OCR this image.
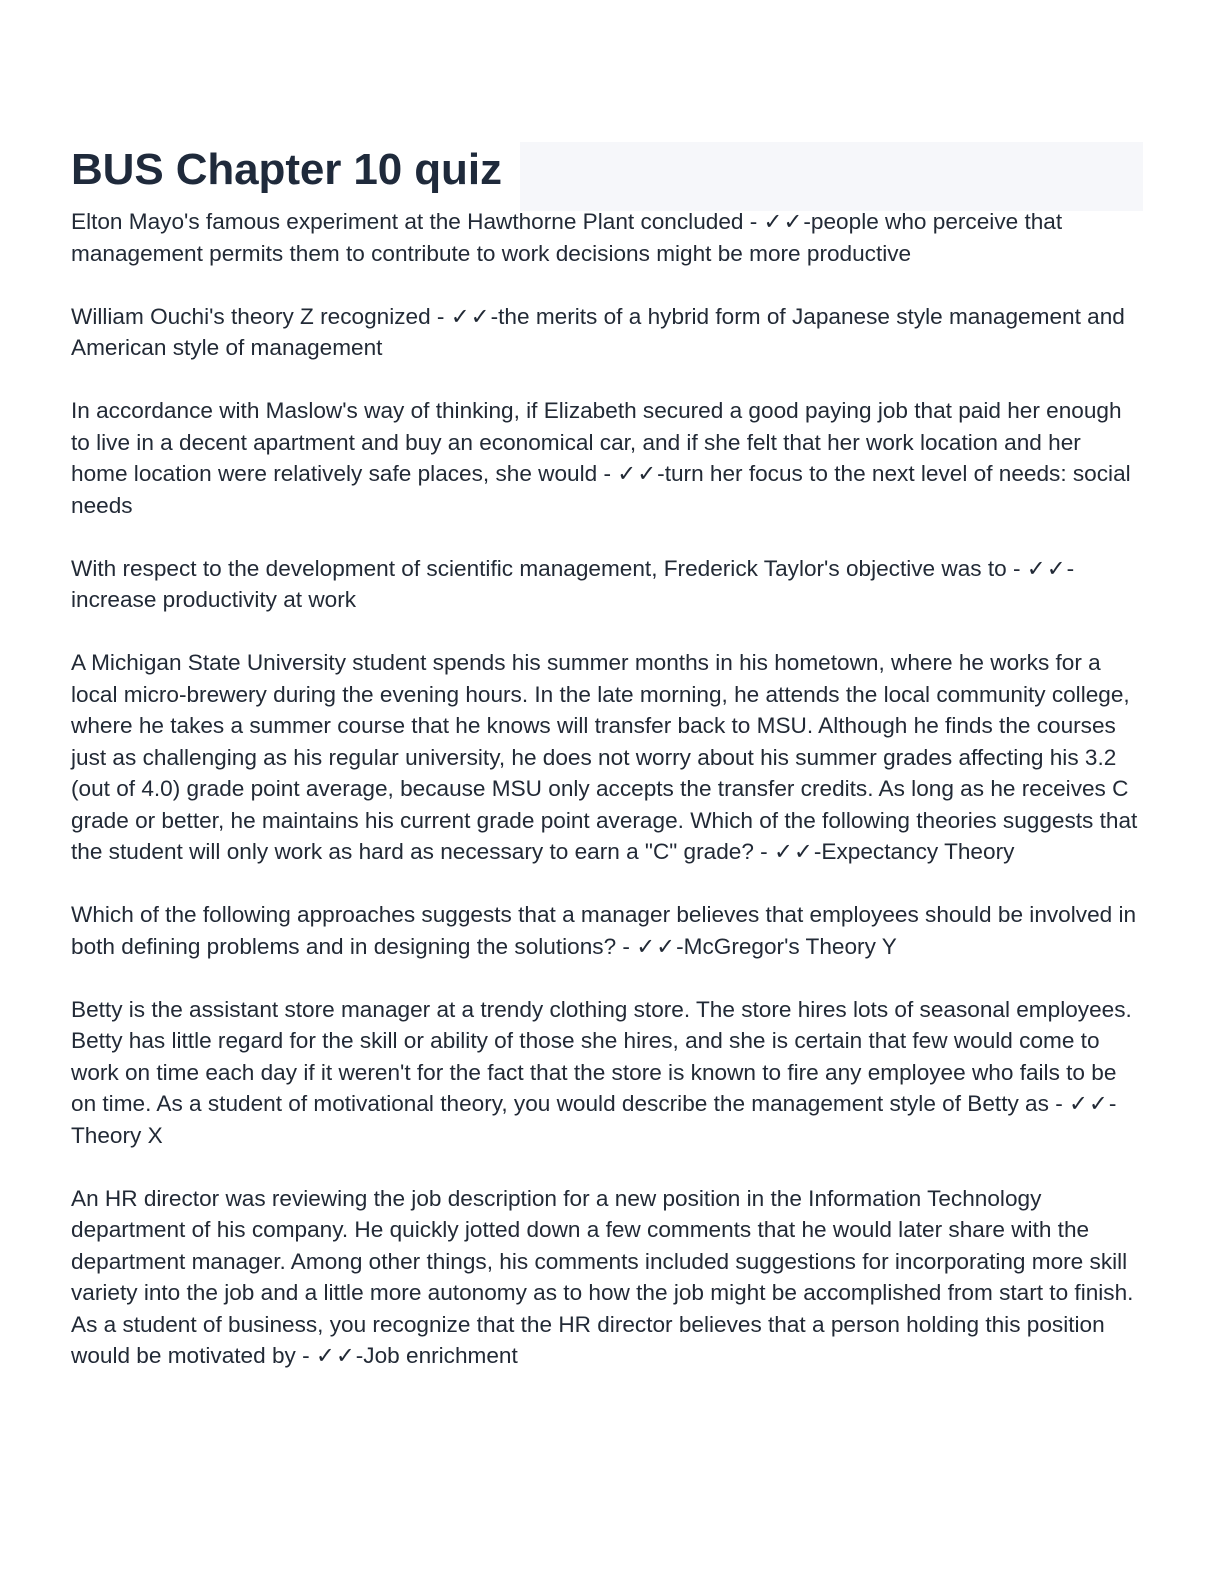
BUS Chapter 10 quiz

Elton Mayo's famous experiment at the Hawthorne Plant concluded - ✓✓-people who perceive that management permits them to contribute to work decisions might be more productive

William Ouchi's theory Z recognized - ✓✓-the merits of a hybrid form of Japanese style management and American style of management

In accordance with Maslow's way of thinking, if Elizabeth secured a good paying job that paid her enough to live in a decent apartment and buy an economical car, and if she felt that her work location and her home location were relatively safe places, she would - ✓✓-turn her focus to the next level of needs: social needs

With respect to the development of scientific management, Frederick Taylor's objective was to - ✓✓-increase productivity at work

A Michigan State University student spends his summer months in his hometown, where he works for a local micro-brewery during the evening hours. In the late morning, he attends the local community college, where he takes a summer course that he knows will transfer back to MSU. Although he finds the courses just as challenging as his regular university, he does not worry about his summer grades affecting his 3.2 (out of 4.0) grade point average, because MSU only accepts the transfer credits. As long as he receives C grade or better, he maintains his current grade point average. Which of the following theories suggests that the student will only work as hard as necessary to earn a "C" grade? - ✓✓-Expectancy Theory

Which of the following approaches suggests that a manager believes that employees should be involved in both defining problems and in designing the solutions? - ✓✓-McGregor's Theory Y

Betty is the assistant store manager at a trendy clothing store. The store hires lots of seasonal employees. Betty has little regard for the skill or ability of those she hires, and she is certain that few would come to work on time each day if it weren't for the fact that the store is known to fire any employee who fails to be on time. As a student of motivational theory, you would describe the management style of Betty as - ✓✓-Theory X

An HR director was reviewing the job description for a new position in the Information Technology department of his company. He quickly jotted down a few comments that he would later share with the department manager. Among other things, his comments included suggestions for incorporating more skill variety into the job and a little more autonomy as to how the job might be accomplished from start to finish. As a student of business, you recognize that the HR director believes that a person holding this position would be motivated by - ✓✓-Job enrichment
